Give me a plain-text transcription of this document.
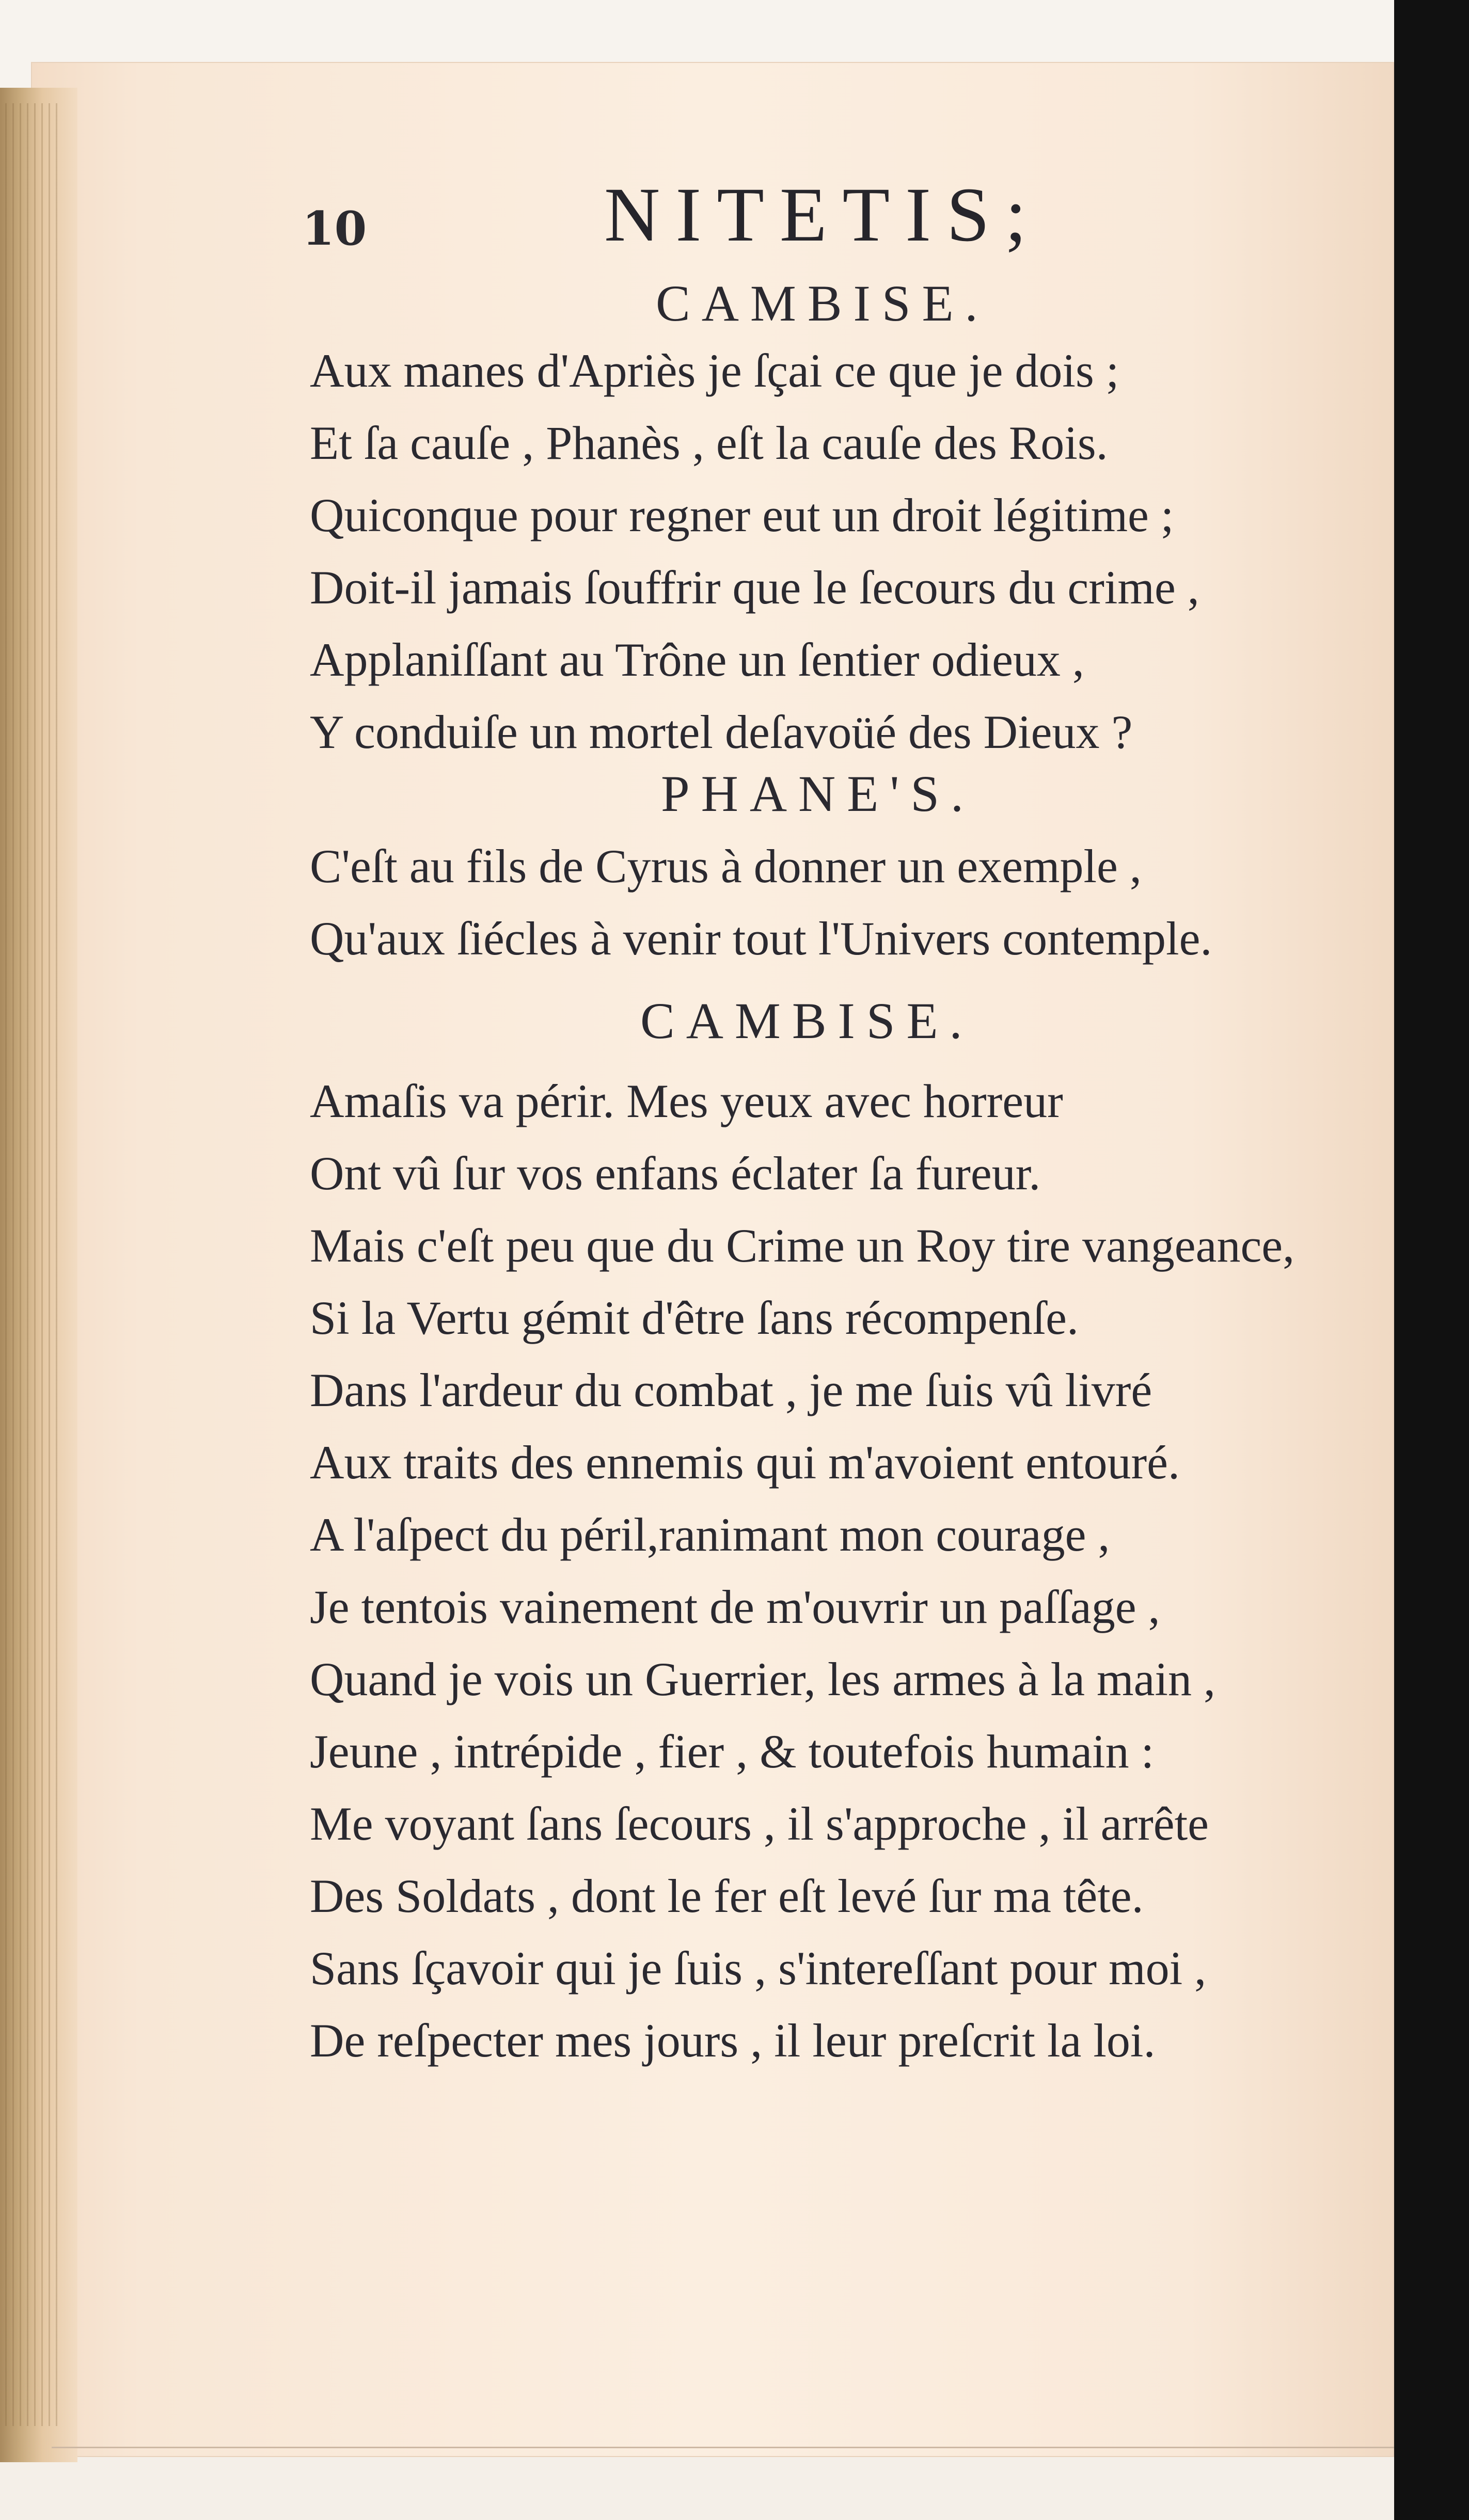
10	NITETIS;
CAMBISE.
Aux manes d'Apriès je ſçai ce que je dois ;
Et ſa cauſe , Phanès , eſt la cauſe des Rois.
Quiconque pour regner eut un droit légitime ;
Doit-il jamais ſouffrir que le ſecours du crime ,
Applaniſſant au Trône un ſentier odieux ,
Y conduiſe un mortel deſavoüé des Dieux ?
PHANE'S.
C'eſt au fils de Cyrus à donner un exemple ,
Qu'aux ſiécles à venir tout l'Univers contemple.
CAMBISE.
Amaſis va périr. Mes yeux avec horreur
Ont vû ſur vos enfans éclater ſa fureur.
Mais c'eſt peu que du Crime un Roy tire vangeance,
Si la Vertu gémit d'être ſans récompenſe.
Dans l'ardeur du combat , je me ſuis vû livré
Aux traits des ennemis qui m'avoient entouré.
A l'aſpect du péril,ranimant mon courage ,
Je tentois vainement de m'ouvrir un paſſage ,
Quand je vois un Guerrier, les armes à la main ,
Jeune , intrépide , fier , & toutefois humain :
Me voyant ſans ſecours , il s'approche , il arrête
Des Soldats , dont le fer eſt levé ſur ma tête.
Sans ſçavoir qui je ſuis , s'intereſſant pour moi ,
De reſpecter mes jours , il leur preſcrit la loi.
